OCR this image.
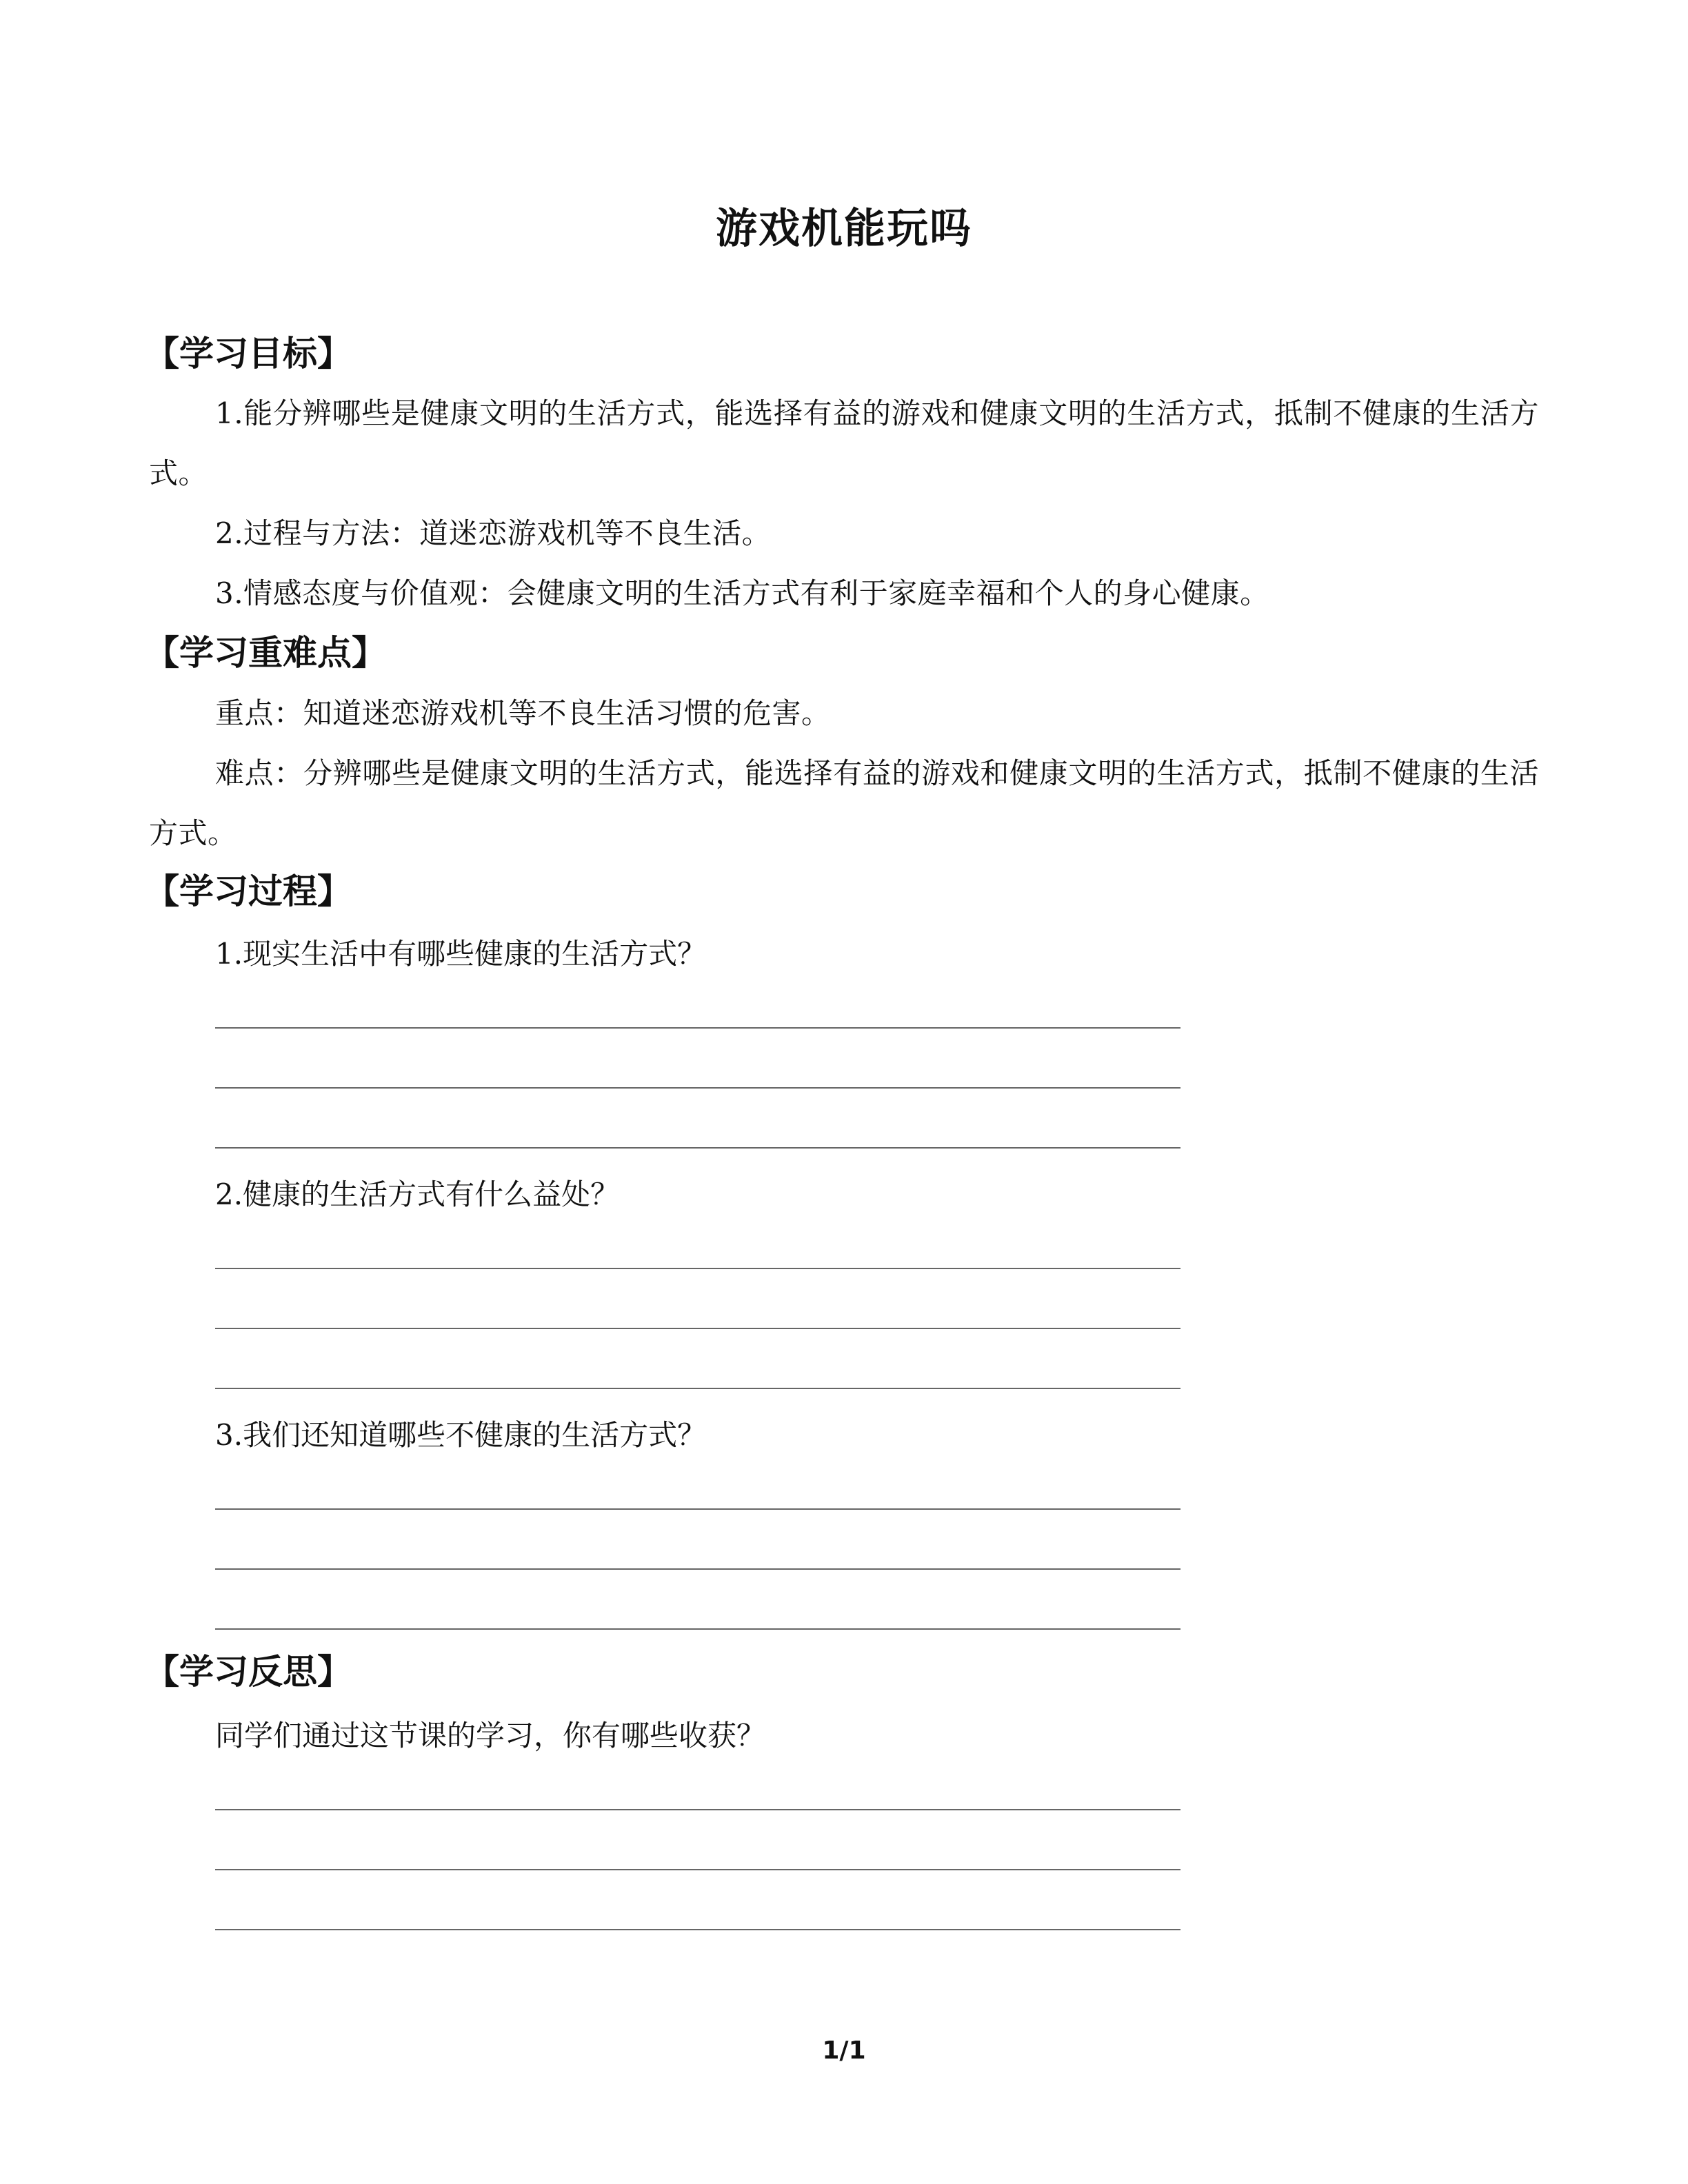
游戏机能玩吗
【学习目标】
1.能分辨哪些是健康文明的生活方式，能选择有益的游戏和健康文明的生活方式，抵制不健康的生活方式。
2.过程与方法：道迷恋游戏机等不良生活。
3.情感态度与价值观：会健康文明的生活方式有利于家庭幸福和个人的身心健康。
【学习重难点】
重点：知道迷恋游戏机等不良生活习惯的危害。
难点：分辨哪些是健康文明的生活方式，能选择有益的游戏和健康文明的生活方式，抵制不健康的生活方式。
【学习过程】
1.现实生活中有哪些健康的生活方式？
2.健康的生活方式有什么益处？
3.我们还知道哪些不健康的生活方式？
【学习反思】
同学们通过这节课的学习，你有哪些收获？
1/1
